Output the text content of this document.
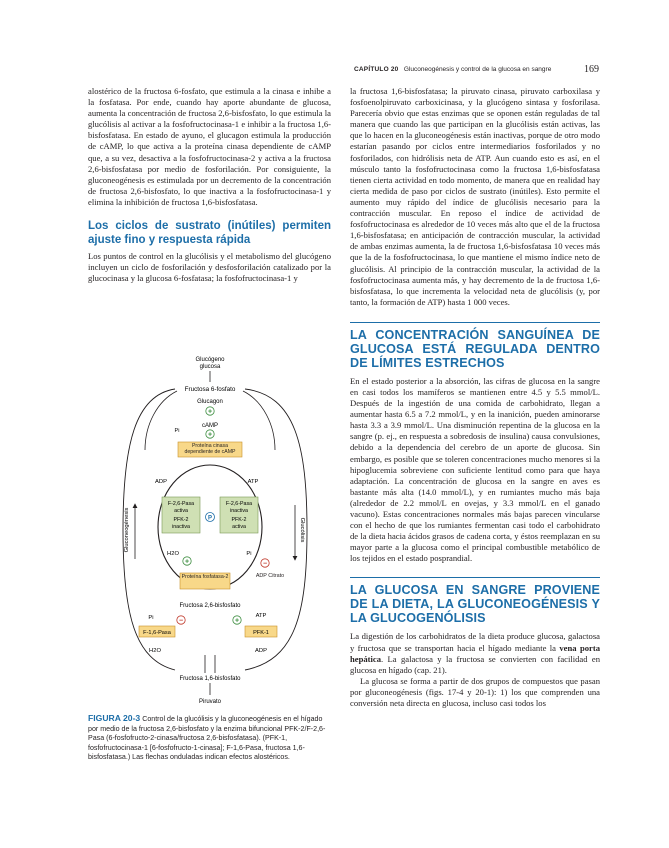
CAPÍTULO 20 Gluconeogénesis y control de la glucosa en sangre	169

alostérico de la fructosa 6-fosfato, que estimula a la cinasa e inhibe a la fosfatasa. Por ende, cuando hay aporte abundante de glucosa, aumenta la concentración de fructosa 2,6-bisfosfato, lo que estimula la glucólisis al activar a la fosfofructocinasa-1 e inhibir a la fructosa 1,6-bisfosfatasa. En estado de ayuno, el glucagon estimula la producción de cAMP, lo que activa a la proteína cinasa dependiente de cAMP que, a su vez, desactiva a la fosfofructocinasa-2 y activa a la fructosa 2,6-bisfosfatasa por medio de fosforilación. Por consiguiente, la gluconeogénesis es estimulada por un decremento de la concentración de fructosa 2,6-bisfosfato, lo que inactiva a la fosfofructocinasa-1 y elimina la inhibición de fructosa 1,6-bisfosfatasa.

Los ciclos de sustrato (inútiles) permiten ajuste fino y respuesta rápida

Los puntos de control en la glucólisis y el metabolismo del glucógeno incluyen un ciclo de fosforilación y desfosforilación catalizado por la glucocinasa y la glucosa 6-fosfatasa; la fosfofructocinasa-1 y

la fructosa 1,6-bisfosfatasa; la piruvato cinasa, piruvato carboxilasa y fosfoenolpiruvato carboxicinasa, y la glucógeno sintasa y fosforilasa. Parecería obvio que estas enzimas que se oponen están reguladas de tal manera que cuando las que participan en la glucólisis están activas, las que lo hacen en la gluconeogénesis están inactivas, porque de otro modo estarían pasando por ciclos entre intermediarios fosforilados y no fosforilados, con hidrólisis neta de ATP. Aun cuando esto es así, en el músculo tanto la fosfofructocinasa como la fructosa 1,6-bisfosfatasa tienen cierta actividad en todo momento, de manera que en realidad hay cierta medida de paso por ciclos de sustrato (inútiles). Esto permite el aumento muy rápido del índice de glucólisis necesario para la contracción muscular. En reposo el índice de actividad de fosfofructocinasa es alrededor de 10 veces más alto que el de la fructosa 1,6-bisfosfatasa; en anticipación de contracción muscular, la actividad de ambas enzimas aumenta, la de fructosa 1,6-bisfosfatasa 10 veces más que la de la fosfofructocinasa, lo que mantiene el mismo índice neto de glucólisis. Al principio de la contracción muscular, la actividad de la fosfofructocinasa aumenta más, y hay decremento de la de fructosa 1,6-bisfosfatasa, lo que incrementa la velocidad neta de glucólisis (y, por tanto, la formación de ATP) hasta 1 000 veces.

LA CONCENTRACIÓN SANGUÍNEA DE GLUCOSA ESTÁ REGULADA DENTRO DE LÍMITES ESTRECHOS

En el estado posterior a la absorción, las cifras de glucosa en la sangre en casi todos los mamíferos se mantienen entre 4.5 y 5.5 mmol/L. Después de la ingestión de una comida de carbohidrato, llegan a aumentar hasta 6.5 a 7.2 mmol/L, y en la inanición, pueden aminorarse hasta 3.3 a 3.9 mmol/L. Una disminución repentina de la glucosa en la sangre (p. ej., en respuesta a sobredosis de insulina) causa convulsiones, debido a la dependencia del cerebro de un aporte de glucosa. Sin embargo, es posible que se toleren concentraciones mucho menores si la hipoglucemia sobreviene con suficiente lentitud como para que haya adaptación. La concentración de glucosa en la sangre en aves es bastante más alta (14.0 mmol/L), y en rumiantes mucho más baja (alrededor de 2.2 mmol/L en ovejas, y 3.3 mmol/L en el ganado vacuno). Estas concentraciones normales más bajas parecen vincularse con el hecho de que los rumiantes fermentan casi todo el carbohidrato de la dieta hacia ácidos grasos de cadena corta, y éstos reemplazan en su mayor parte a la glucosa como el principal combustible metabólico de los tejidos en el estado posprandial.

LA GLUCOSA EN SANGRE PROVIENE DE LA DIETA, LA GLUCONEOGÉNESIS Y LA GLUCOGENÓLISIS

La digestión de los carbohidratos de la dieta produce glucosa, galactosa y fructosa que se transportan hacia el hígado mediante la vena porta hepática. La galactosa y la fructosa se convierten con facilidad en glucosa en hígado (cap. 21).

La glucosa se forma a partir de dos grupos de compuestos que pasan por gluconeogénesis (figs. 17-4 y 20-1): 1) los que comprenden una conversión neta directa en glucosa, incluso casi todos los

Glucógeno
glucosa
Fructosa 6-fosfato
Gluconeogénesis	Glucólisis
Glucagon
+
cAMP
+
Pi
Proteína cinasa dependiente de cAMP
ADP	ATP
F-2,6-Pasa
activa
PFK-2
inactiva
F-2,6-Pasa
inactiva
PFK-2
activa
P
H2O	Pi
Proteína fosfatasa-2
+
ADP Citrato
−
Fructosa 2,6-bisfosfato
Pi	ATP
−	+
F-1,6-Pasa	PFK-1
H2O	ADP
Fructosa 1,6-bisfosfato
Piruvato
FIGURA 20-3 Control de la glucólisis y la gluconeogénesis en el hígado por medio de la fructosa 2,6-bisfosfato y la enzima bifuncional PFK-2/F-2,6-Pasa (6-fosfofructo-2-cinasa/fructosa 2,6-bisfosfatasa). (PFK-1, fosfofructocinasa-1 [6-fosfofructo-1-cinasa]; F-1,6-Pasa, fructosa 1,6-bisfosfatasa.) Las flechas onduladas indican efectos alostéricos.
